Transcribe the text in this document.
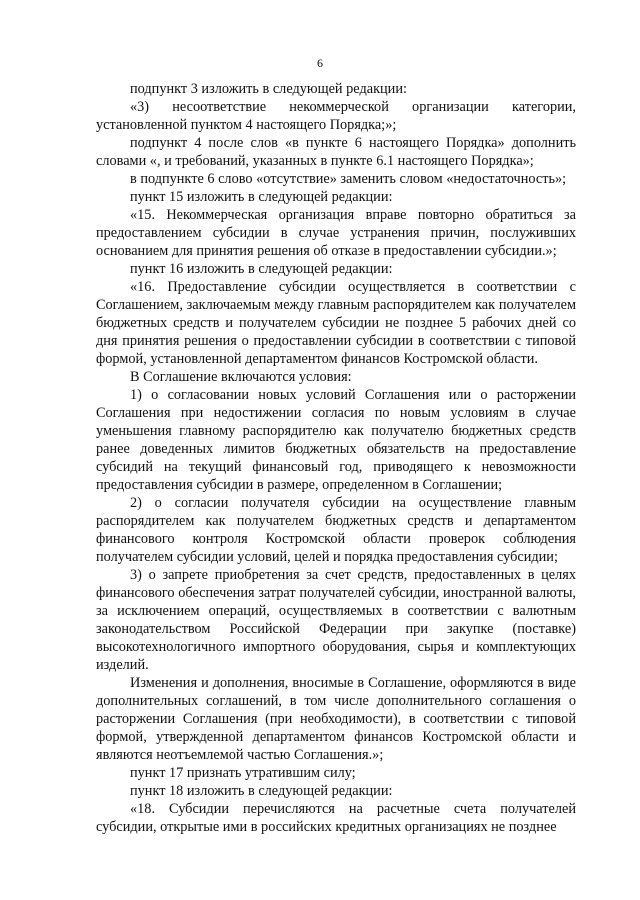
6

подпункт 3 изложить в следующей редакции:

«3) несоответствие некоммерческой организации категории, установленной пунктом 4 настоящего Порядка;»;

подпункт 4 после слов «в пункте 6 настоящего Порядка» дополнить словами «, и требований, указанных в пункте 6.1 настоящего Порядка»;

в подпункте 6 слово «отсутствие» заменить словом «недостаточность»;

пункт 15 изложить в следующей редакции:

«15. Некоммерческая организация вправе повторно обратиться за предоставлением субсидии в случае устранения причин, послуживших основанием для принятия решения об отказе в предоставлении субсидии.»;

пункт 16 изложить в следующей редакции:

«16. Предоставление субсидии осуществляется в соответствии с Соглашением, заключаемым между главным распорядителем как получателем бюджетных средств и получателем субсидии не позднее 5 рабочих дней со дня принятия решения о предоставлении субсидии в соответствии с типовой формой, установленной департаментом финансов Костромской области.

В Соглашение включаются условия:

1) о согласовании новых условий Соглашения или о расторжении Соглашения при недостижении согласия по новым условиям в случае уменьшения главному распорядителю как получателю бюджетных средств ранее доведенных лимитов бюджетных обязательств на предоставление субсидий на текущий финансовый год, приводящего к невозможности предоставления субсидии в размере, определенном в Соглашении;

2) о согласии получателя субсидии на осуществление главным распорядителем как получателем бюджетных средств и департаментом финансового контроля Костромской области проверок соблюдения получателем субсидии условий, целей и порядка предоставления субсидии;

3) о запрете приобретения за счет средств, предоставленных в целях финансового обеспечения затрат получателей субсидии, иностранной валюты, за исключением операций, осуществляемых в соответствии с валютным законодательством Российской Федерации при закупке (поставке) высокотехнологичного импортного оборудования, сырья и комплектующих изделий.

Изменения и дополнения, вносимые в Соглашение, оформляются в виде дополнительных соглашений, в том числе дополнительного соглашения о расторжении Соглашения (при необходимости), в соответствии с типовой формой, утвержденной департаментом финансов Костромской области и являются неотъемлемой частью Соглашения.»;

пункт 17 признать утратившим силу;

пункт 18 изложить в следующей редакции:

«18. Субсидии перечисляются на расчетные счета получателей субсидии, открытые ими в российских кредитных организациях не позднее
